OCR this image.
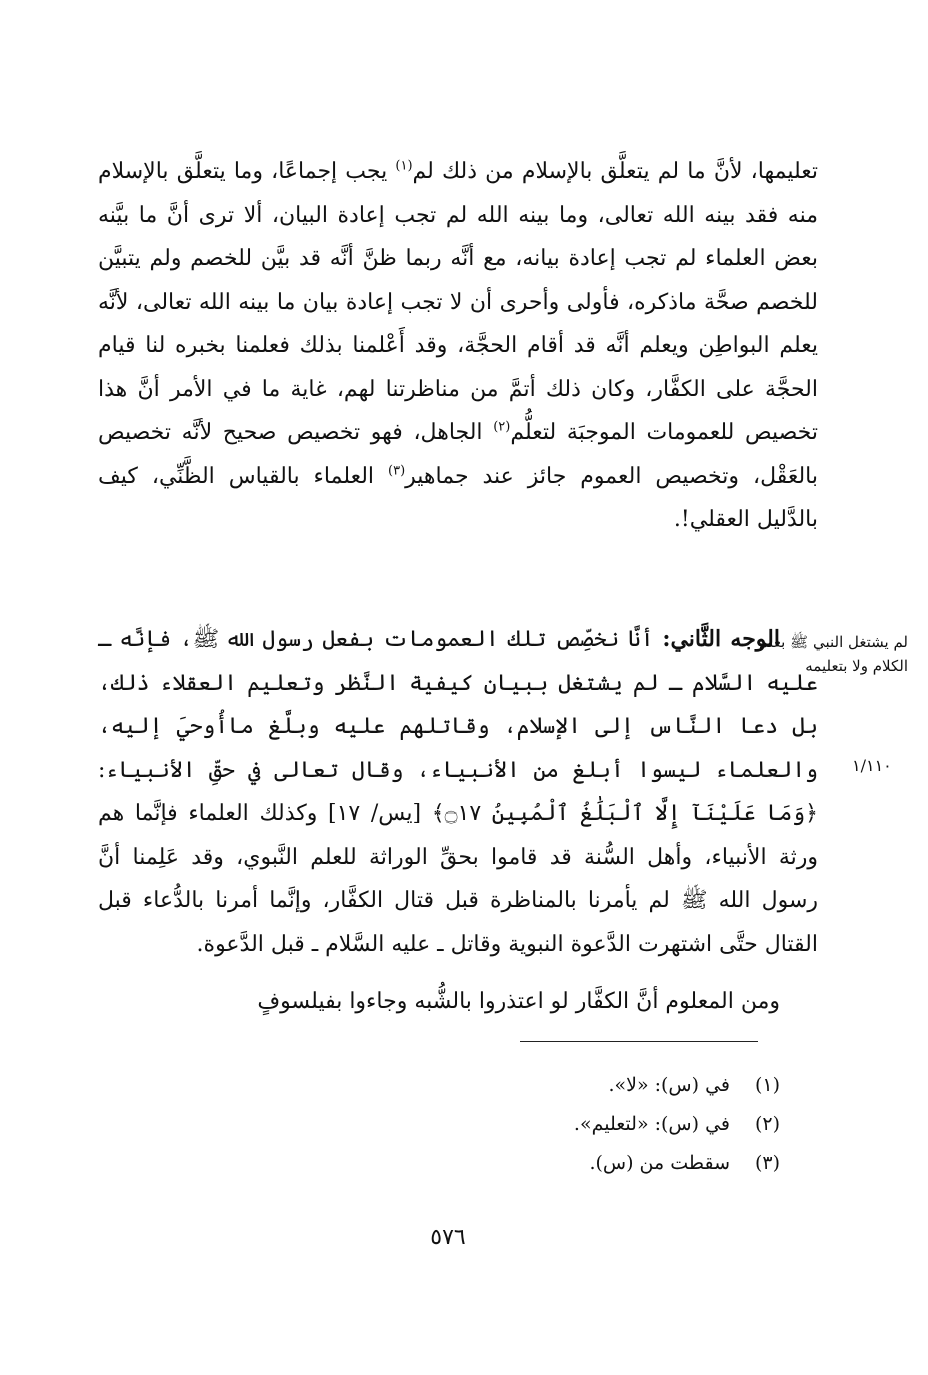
تعليمها، لأنَّ ما لم يتعلَّق بالإسلام من ذلك لم$^{(١)}$ يجب إجماعًا، وما يتعلَّق بالإسلام منه فقد بينه الله تعالى، وما بينه الله لم تجب إعادة البيان، ألا ترى أنَّ ما بيَّنه بعض العلماء لم تجب إعادة بيانه، مع أنَّه ربما ظنَّ أنَّه قد بيَّن للخصم ولم يتبيَّن للخصم صحَّة ماذكره، فأولى وأحرى أن لا تجب إعادة بيان ما بينه الله تعالى، لأنَّه يعلم البواطِن ويعلم أنَّه قد أقام الحجَّة، وقد أَعْلمنا بذلك فعلمنا بخبره لنا قيام الحجَّة على الكفَّار، وكان ذلك أتمَّ من مناظرتنا لهم، غاية ما في الأمر أنَّ هذا تخصيص للعمومات الموجبَة لتعلُّم$^{(٢)}$ الجاهل، فهو تخصيص صحيح لأنَّه تخصيص بالعَقْل، وتخصيص العموم جائز عند جماهير$^{(٣)}$ العلماء بالقياس الظَّنِّي، كيف بالدَّليل العقلي!.

الوجه الثَّاني: أنَّا نخصِّص تلك العمومات بفعل رسول الله ﷺ، فإنَّه ـ عليه السَّلام ـ لم يشتغل ببيان كيفية النَّظر وتعليم العقلاء ذلك، بل دعا النَّاس إلى الإسلام، وقاتلهم عليه وبلَّغ ماأُوحيَ إليه، والعلماء ليسوا أبلغ من الأنبياء، وقال تعالى في حقِّ الأنبياء: ﴿وَمَا عَلَيْنَآ إِلَّا ٱلْبَلَٰغُ ٱلْمُبِينُ ۝١٧﴾ [يس/ ١٧] وكذلك العلماء فإنَّما هم ورثة الأنبياء، وأهل السُّنة قد قاموا بحقِّ الوراثة للعلم النَّبوي، وقد عَلِمنا أنَّ رسول الله ﷺ لم يأمرنا بالمناظرة قبل قتال الكفَّار، وإنَّما أمرنا بالدُّعاء قبل القتال حتَّى اشتهرت الدَّعوة النبوية وقاتل ـ عليه السَّلام ـ قبل الدَّعوة.

ومن المعلوم أنَّ الكفَّار لو اعتذروا بالشُّبه وجاءوا بفيلسوفٍ

لم يشتغل النبي ﷺ بعلم الكلام ولا بتعليمه
١/١١٠
(١)
في (س): «لا».
(٢)
في (س): «لتعليم».
(٣)
سقطت من (س).
٥٧٦
